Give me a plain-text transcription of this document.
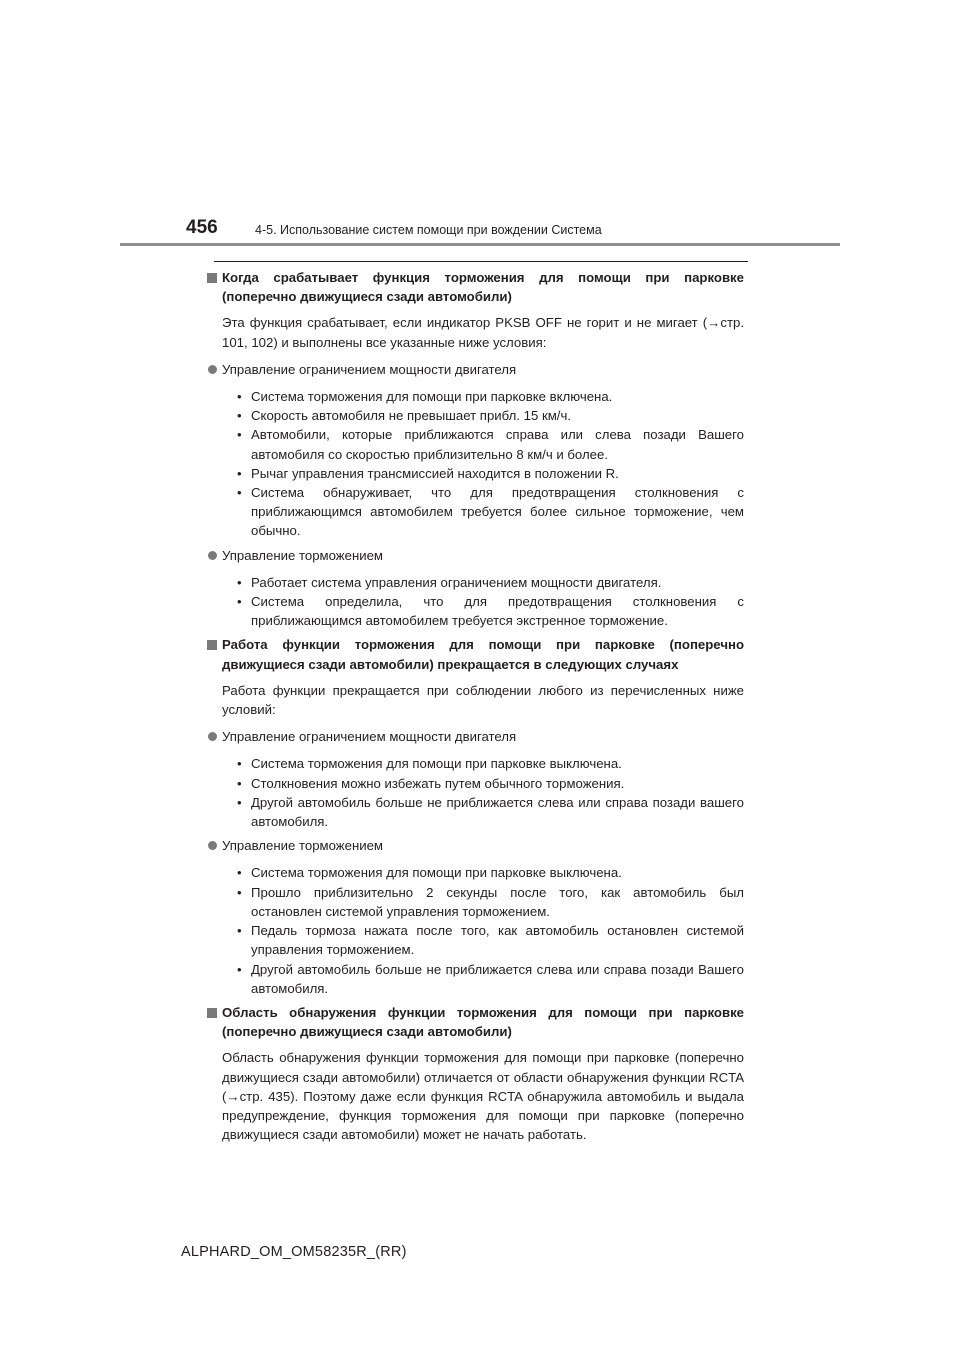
456	4-5. Использование систем помощи при вождении Система
Когда срабатывает функция торможения для помощи при парковке (поперечно движущиеся сзади автомобили)
Эта функция срабатывает, если индикатор PKSB OFF не горит и не мигает (→стр. 101, 102) и выполнены все указанные ниже условия:
Управление ограничением мощности двигателя
• Система торможения для помощи при парковке включена.
• Скорость автомобиля не превышает прибл. 15 км/ч.
• Автомобили, которые приближаются справа или слева позади Вашего автомобиля со скоростью приблизительно 8 км/ч и более.
• Рычаг управления трансмиссией находится в положении R.
• Система обнаруживает, что для предотвращения столкновения с приближающимся автомобилем требуется более сильное торможение, чем обычно.
Управление торможением
• Работает система управления ограничением мощности двигателя.
• Система определила, что для предотвращения столкновения с приближающимся автомобилем требуется экстренное торможение.
Работа функции торможения для помощи при парковке (поперечно движущиеся сзади автомобили) прекращается в следующих случаях
Работа функции прекращается при соблюдении любого из перечисленных ниже условий:
Управление ограничением мощности двигателя
• Система торможения для помощи при парковке выключена.
• Столкновения можно избежать путем обычного торможения.
• Другой автомобиль больше не приближается слева или справа позади вашего автомобиля.
Управление торможением
• Система торможения для помощи при парковке выключена.
• Прошло приблизительно 2 секунды после того, как автомобиль был остановлен системой управления торможением.
• Педаль тормоза нажата после того, как автомобиль остановлен системой управления торможением.
• Другой автомобиль больше не приближается слева или справа позади Вашего автомобиля.
Область обнаружения функции торможения для помощи при парковке (поперечно движущиеся сзади автомобили)
Область обнаружения функции торможения для помощи при парковке (поперечно движущиеся сзади автомобили) отличается от области обнаружения функции RCTA (→стр. 435). Поэтому даже если функция RCTA обнаружила автомобиль и выдала предупреждение, функция торможения для помощи при парковке (поперечно движущиеся сзади автомобили) может не начать работать.
ALPHARD_OM_OM58235R_(RR)
